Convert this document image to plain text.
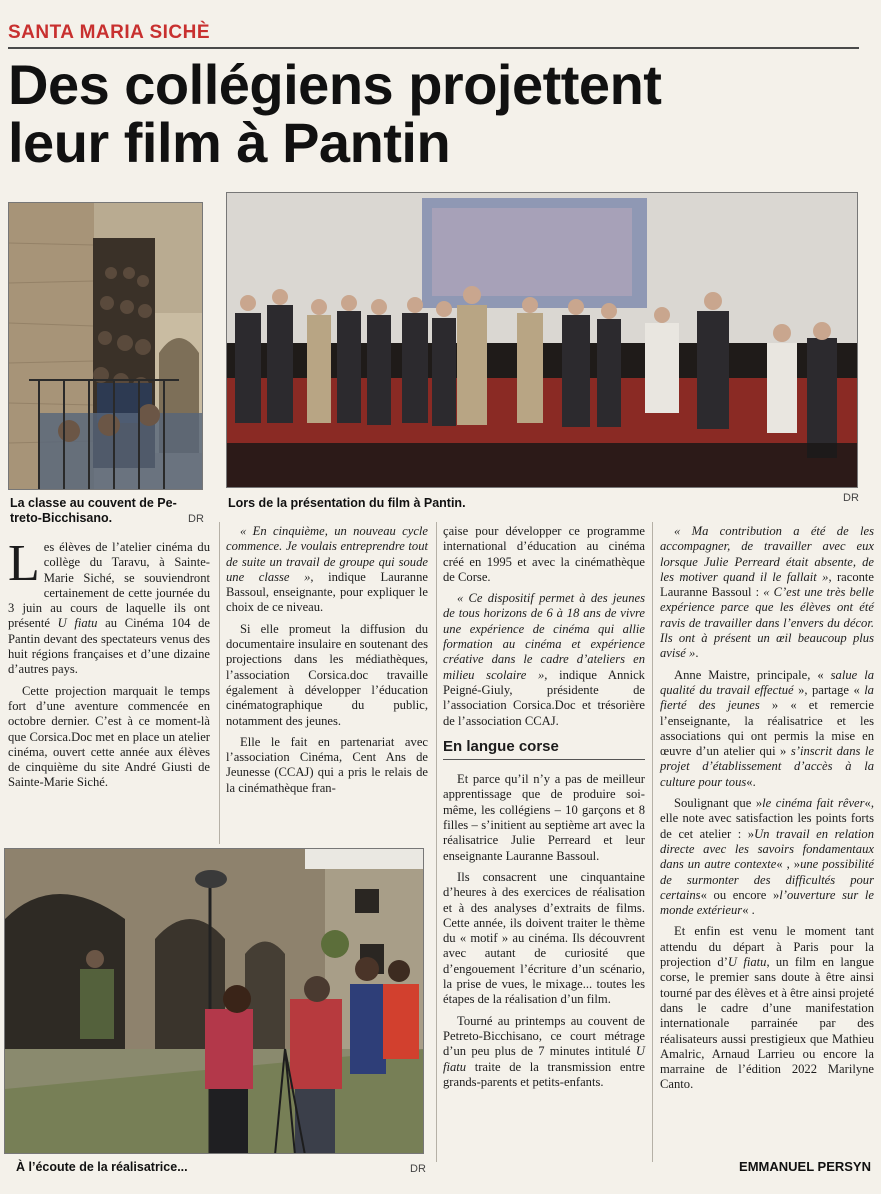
SANTA MARIA SICHÈ
Des collégiens projettent
leur film à Pantin
La classe au couvent de Pe-
treto-Bicchisano.	DR
Lors de la présentation du film à Pantin.	DR
À l’écoute de la réalisatrice...	DR

Les élèves de l’atelier cinéma du collège du Taravu, à Sainte-Marie Siché, se souviendront certainement de cette journée du 3 juin au cours de laquelle ils ont présenté U fiatu au Cinéma 104 de Pantin devant des spectateurs venus des huit régions françaises et d’une dizaine d’autres pays.

Cette projection marquait le temps fort d’une aventure commencée en octobre dernier. C’est à ce moment-là que Corsica.Doc met en place un atelier cinéma, ouvert cette année aux élèves de cinquième du site André Giusti de Sainte-Marie Siché.

« En cinquième, un nouveau cycle commence. Je voulais entreprendre tout de suite un travail de groupe qui soude une classe », indique Lauranne Bassoul, enseignante, pour expliquer le choix de ce niveau.

Si elle promeut la diffusion du documentaire insulaire en soutenant des projections dans les médiathèques, l’association Corsica.doc travaille également à développer l’éducation cinématographique du public, notamment des jeunes.

Elle le fait en partenariat avec l’association Cinéma, Cent Ans de Jeunesse (CCAJ) qui a pris le relais de la cinémathèque fran-

çaise pour développer ce programme international d’éducation au cinéma créé en 1995 et avec la cinémathèque de Corse.

« Ce dispositif permet à des jeunes de tous horizons de 6 à 18 ans de vivre une expérience de cinéma qui allie formation au cinéma et expérience créative dans le cadre d’ateliers en milieu scolaire », indique Annick Peigné-Giuly, présidente de l’association Corsica.Doc et trésorière de l’association CCAJ.

En langue corse

Et parce qu’il n’y a pas de meilleur apprentissage que de produire soi-même, les collégiens – 10 garçons et 8 filles – s’initient au septième art avec la réalisatrice Julie Perreard et leur enseignante Lauranne Bassoul.

Ils consacrent une cinquantaine d’heures à des exercices de réalisation et à des analyses d’extraits de films. Cette année, ils doivent traiter le thème du « motif » au cinéma. Ils découvrent avec autant de curiosité que d’engouement l’écriture d’un scénario, la prise de vues, le mixage... toutes les étapes de la réalisation d’un film.

Tourné au printemps au couvent de Petreto-Bicchisano, ce court métrage d’un peu plus de 7 minutes intitulé U fiatu traite de la transmission entre grands-parents et petits-enfants.

« Ma contribution a été de les accompagner, de travailler avec eux lorsque Julie Perreard était absente, de les motiver quand il le fallait », raconte Lauranne Bassoul : « C’est une très belle expérience parce que les élèves ont été ravis de travailler dans l’envers du décor. Ils ont à présent un œil beaucoup plus avisé ».

Anne Maistre, principale, « salue la qualité du travail effectué », partage « la fierté des jeunes » « et remercie l’enseignante, la réalisatrice et les associations qui ont permis la mise en œuvre d’un atelier qui » s’inscrit dans le projet d’établissement d’accès à la culture pour tous«.

Soulignant que »le cinéma fait rêver«, elle note avec satisfaction les points forts de cet atelier : »Un travail en relation directe avec les savoirs fondamentaux dans un autre contexte« , »une possibilité de surmonter des difficultés pour certains« ou encore »l’ouverture sur le monde extérieur« .

Et enfin est venu le moment tant attendu du départ à Paris pour la projection d’U fiatu, un film en langue corse, le premier sans doute à être ainsi tourné par des élèves et à être ainsi projeté dans le cadre d’une manifestation internationale parrainée par des réalisateurs aussi prestigieux que Mathieu Amalric, Arnaud Larrieu ou encore la marraine de l’édition 2022 Marilyne Canto.

EMMANUEL PERSYN
